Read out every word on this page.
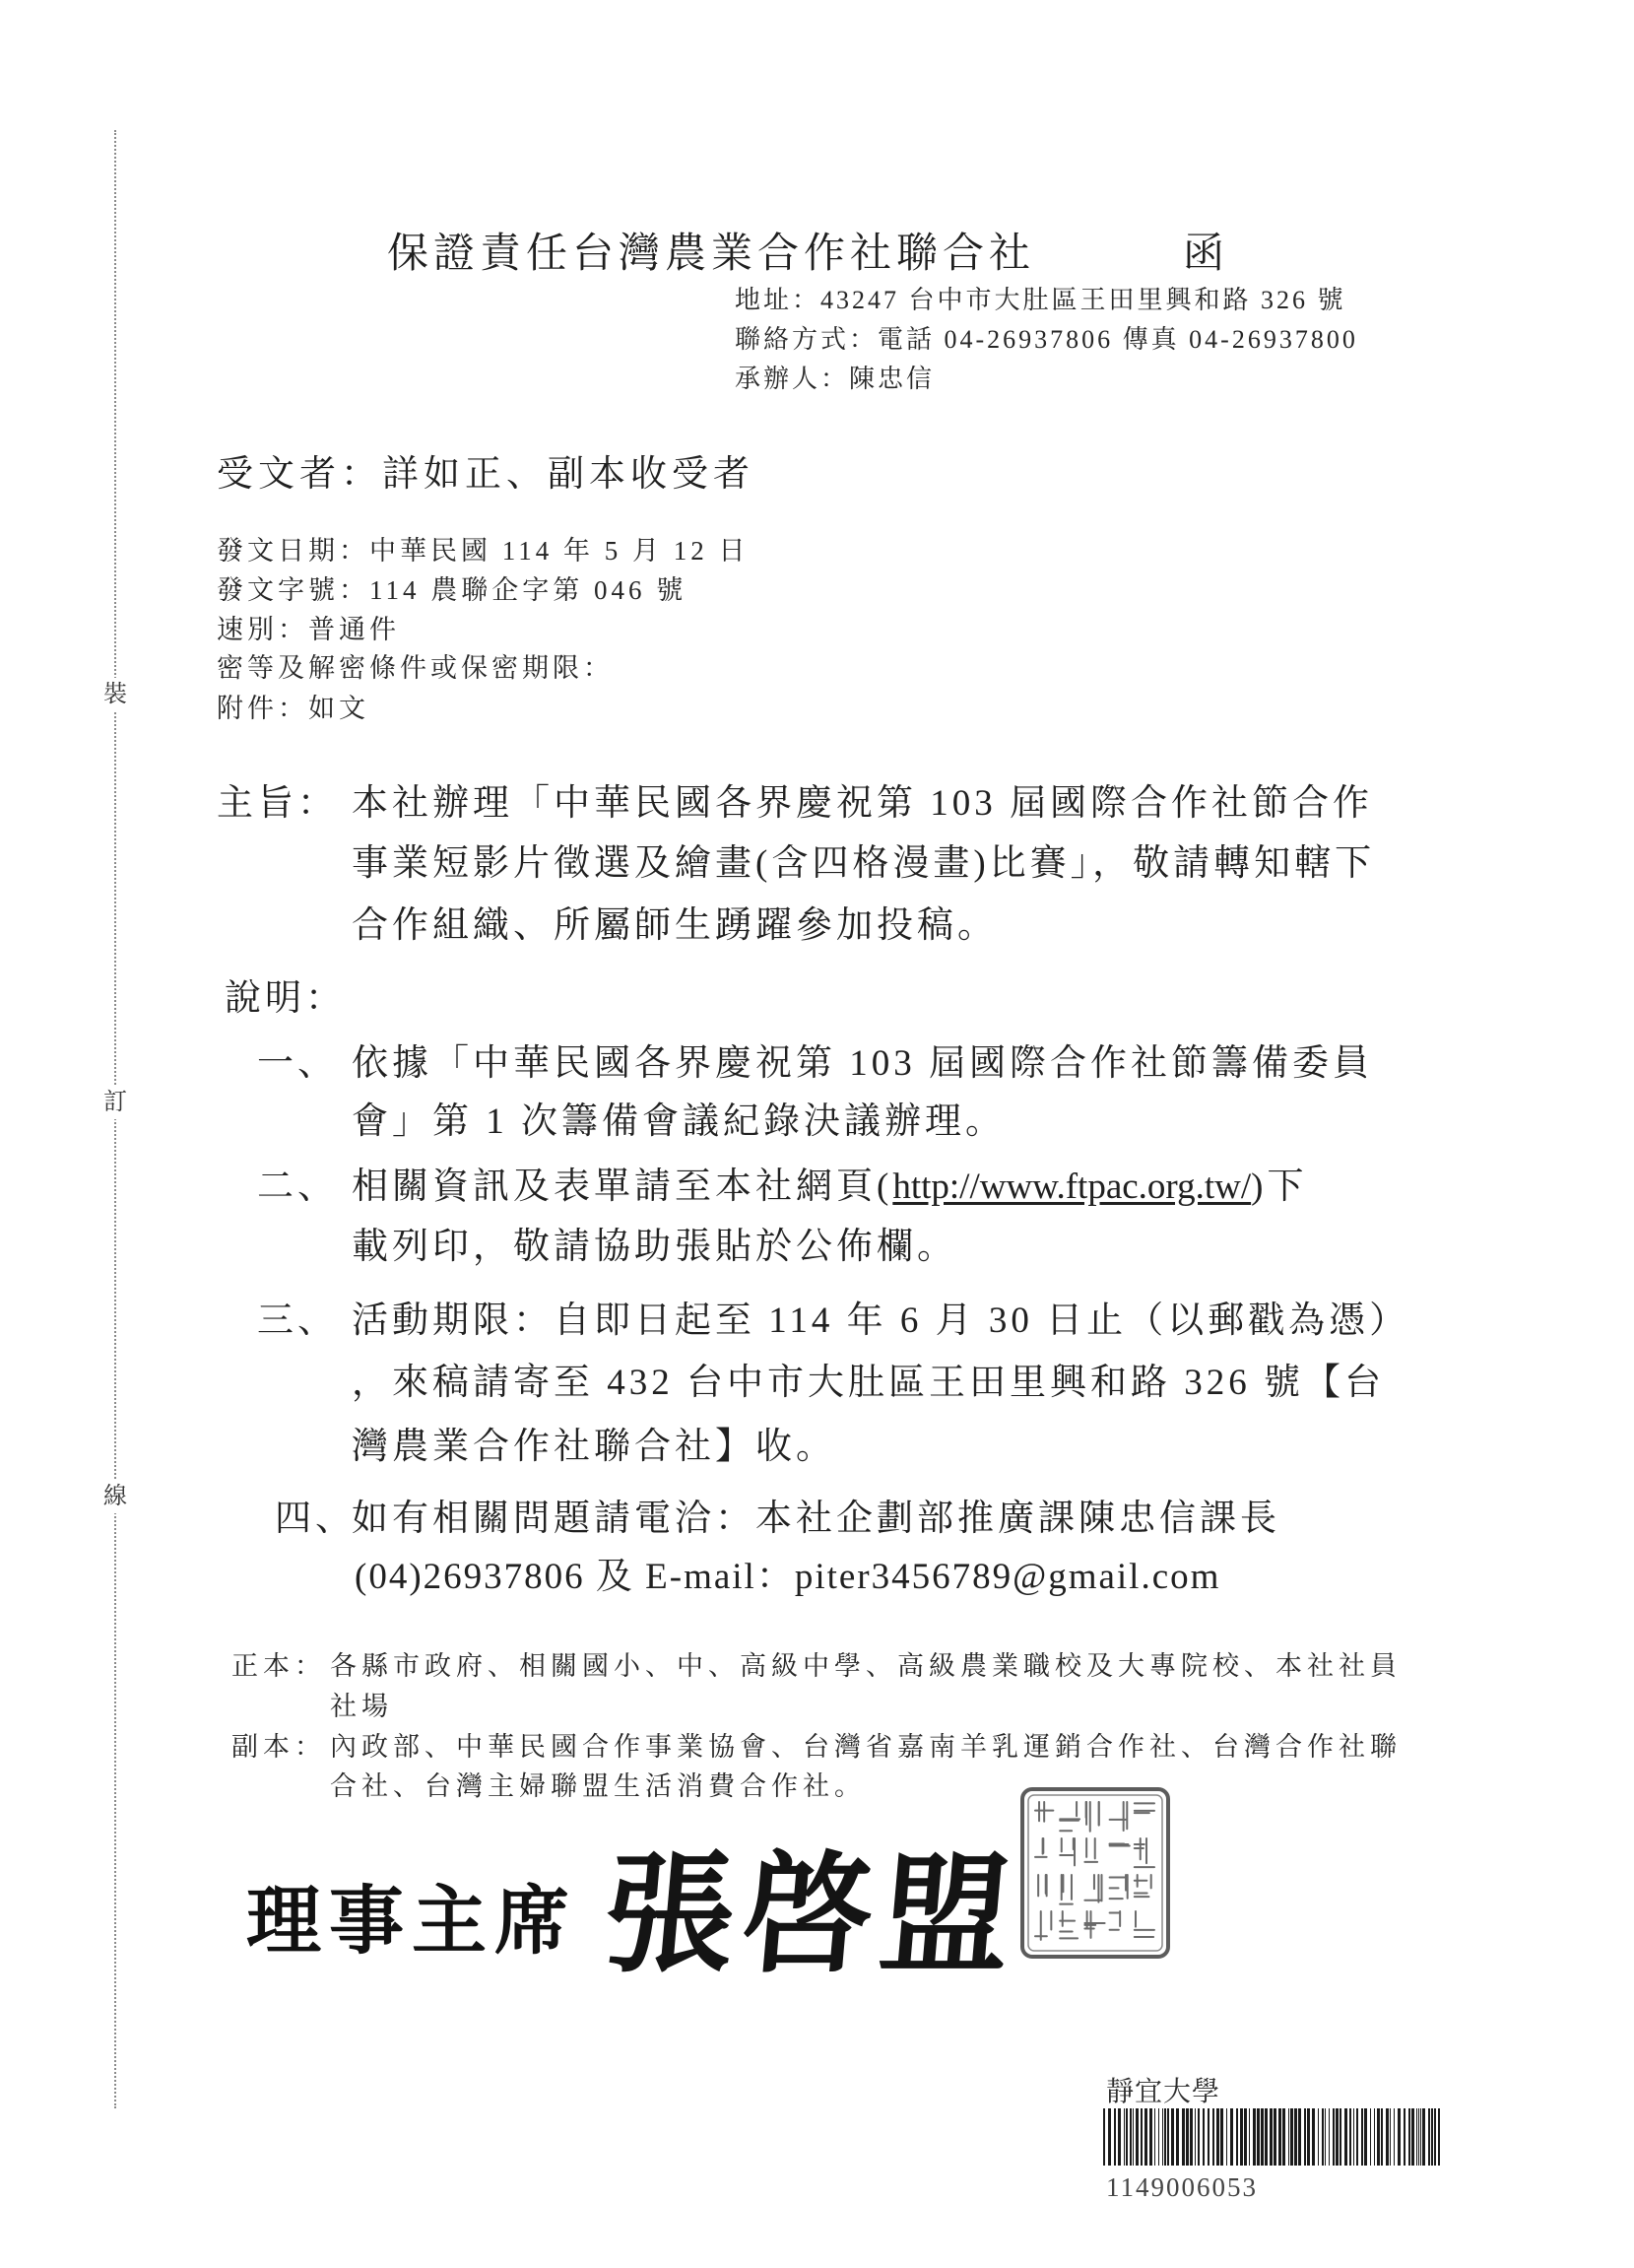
裝
訂
線
保證責任台灣農業合作社聯合社	函
地址：43247 台中市大肚區王田里興和路 326 號
聯絡方式：電話 04-26937806 傳真 04-26937800
承辦人：陳忠信
受文者：詳如正、副本收受者
發文日期：中華民國 114 年 5 月 12 日
發文字號：114 農聯企字第 046 號
速別：普通件
密等及解密條件或保密期限：
附件：如文
主旨： 本社辦理「中華民國各界慶祝第 103 屆國際合作社節合作
事業短影片徵選及繪畫(含四格漫畫)比賽」，敬請轉知轄下
合作組織、所屬師生踴躍參加投稿。
說明：
一、 依據「中華民國各界慶祝第 103 屆國際合作社節籌備委員
會」第 1 次籌備會議紀錄決議辦理。
二、 相關資訊及表單請至本社網頁(http://www.ftpac.org.tw/)下
載列印，敬請協助張貼於公佈欄。
三、 活動期限：自即日起至 114 年 6 月 30 日止（以郵戳為憑）
，來稿請寄至 432 台中市大肚區王田里興和路 326 號【台
灣農業合作社聯合社】收。
四、
如有相關問題請電洽：本社企劃部推廣課陳忠信課長
(04)26937806 及 E-mail：piter3456789@gmail.com
正本： 各縣市政府、相關國小、中、高級中學、高級農業職校及大專院校、本社社員
社場
副本： 內政部、中華民國合作事業協會、台灣省嘉南羊乳運銷合作社、台灣合作社聯
合社、台灣主婦聯盟生活消費合作社。
理事主席 張啓盟
靜宜大學
1149006053
